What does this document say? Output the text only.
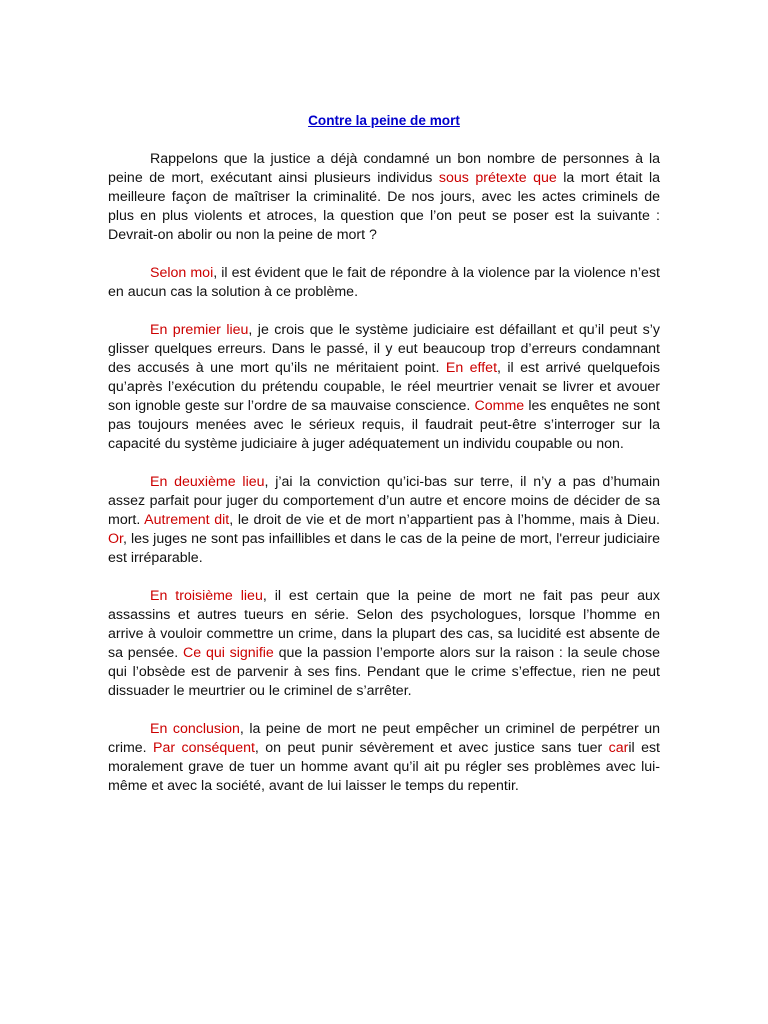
Contre la peine de mort

Rappelons que la justice a déjà condamné un bon nombre de personnes à la peine de mort, exécutant ainsi plusieurs individus sous prétexte que la mort était la meilleure façon de maîtriser la criminalité. De nos jours, avec les actes criminels de plus en plus violents et atroces, la question que l’on peut se poser est la suivante : Devrait-on abolir ou non la peine de mort ?

Selon moi, il est évident que le fait de répondre à la violence par la violence n’est en aucun cas la solution à ce problème.

En premier lieu, je crois que le système judiciaire est défaillant et qu’il peut s’y glisser quelques erreurs. Dans le passé, il y eut beaucoup trop d’erreurs condamnant des accusés à une mort qu’ils ne méritaient point. En effet, il est arrivé quelquefois qu’après l’exécution du prétendu coupable, le réel meurtrier venait se livrer et avouer son ignoble geste sur l’ordre de sa mauvaise conscience. Comme les enquêtes ne sont pas toujours menées avec le sérieux requis, il faudrait peut-être s’interroger sur la capacité du système judiciaire à juger adéquatement un individu coupable ou non.

En deuxième lieu, j’ai la conviction qu’ici-bas sur terre, il n’y a pas d’humain assez parfait pour juger du comportement d’un autre et encore moins de décider de sa mort. Autrement dit, le droit de vie et de mort n’appartient pas à l’homme, mais à Dieu. Or, les juges ne sont pas infaillibles et dans le cas de la peine de mort, l'erreur judiciaire est irréparable.

En troisième lieu, il est certain que la peine de mort ne fait pas peur aux assassins et autres tueurs en série. Selon des psychologues, lorsque l’homme en arrive à vouloir commettre un crime, dans la plupart des cas, sa lucidité est absente de sa pensée. Ce qui signifie que la passion l’emporte alors sur la raison : la seule chose qui l’obsède est de parvenir à ses fins. Pendant que le crime s’effectue, rien ne peut dissuader le meurtrier ou le criminel de s’arrêter.

En conclusion, la peine de mort ne peut empêcher un criminel de perpétrer un crime. Par conséquent, on peut punir sévèrement et avec justice sans tuer caril est moralement grave de tuer un homme avant qu’il ait pu régler ses problèmes avec lui-même et avec la société, avant de lui laisser le temps du repentir.
